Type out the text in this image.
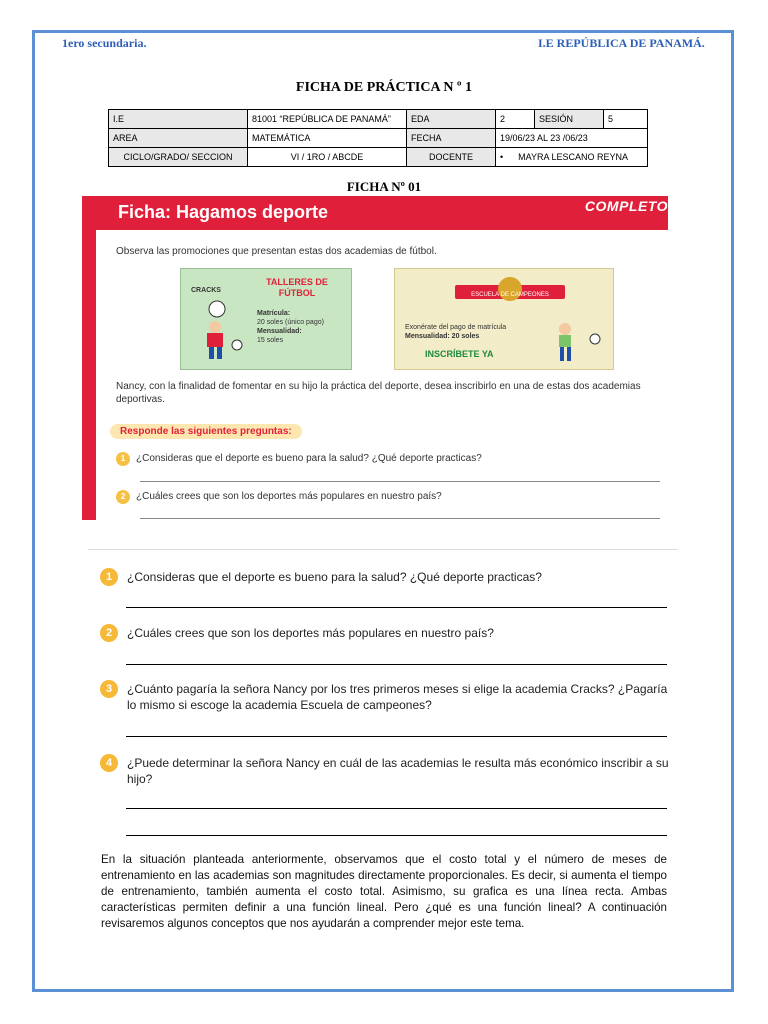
1ero secundaria.	I.E REPÚBLICA DE PANAMÁ.
FICHA DE PRÁCTICA N º 1
I.E	81001 “REPÚBLICA DE PANAMÁ”	EDA	2	SESIÓN	5
AREA	MATEMÁTICA	FECHA	19/06/23 AL 23 /06/23		
CICLO/GRADO/ SECCION	VI / 1RO / ABCDE	DOCENTE	•      MAYRA LESCANO REYNA		
FICHA Nº 01
Ficha: Hagamos deporte	COMPLETO
Observa las promociones que presentan estas dos academias de fútbol.
CRACKS
TALLERES DE FÚTBOL
Matrícula:
20 soles (único pago)
Mensualidad:
15 soles
ESCUELA DE CAMPEONES
Exonérate del pago de matrícula
Mensualidad: 20 soles
INSCRÍBETE YA
Nancy, con la finalidad de fomentar en su hijo la práctica del deporte, desea inscribirlo en una de estas dos academias deportivas.
Responde las siguientes preguntas:
1 ¿Consideras que el deporte es bueno para la salud? ¿Qué deporte practicas?
2 ¿Cuáles crees que son los deportes más populares en nuestro país?
1	¿Consideras que el deporte es bueno para la salud? ¿Qué deporte practicas?
2	¿Cuáles crees que son los deportes más populares en nuestro país?
3	¿Cuánto pagaría la señora Nancy por los tres primeros meses si elige la academia Cracks? ¿Pagaría lo mismo si escoge la academia Escuela de campeones?
4	¿Puede determinar la señora Nancy en cuál de las academias le resulta más económico inscribir a su hijo?
En la situación planteada anteriormente, observamos que el costo total y el número de meses de entrenamiento en las academias son magnitudes directamente proporcionales. Es decir, si aumenta el tiempo de entrenamiento, también aumenta el costo total. Asimismo, su grafica es una línea recta. Ambas características permiten definir a una función lineal. Pero ¿qué es una función lineal? A continuación revisaremos algunos conceptos que nos ayudarán a comprender mejor este tema.
